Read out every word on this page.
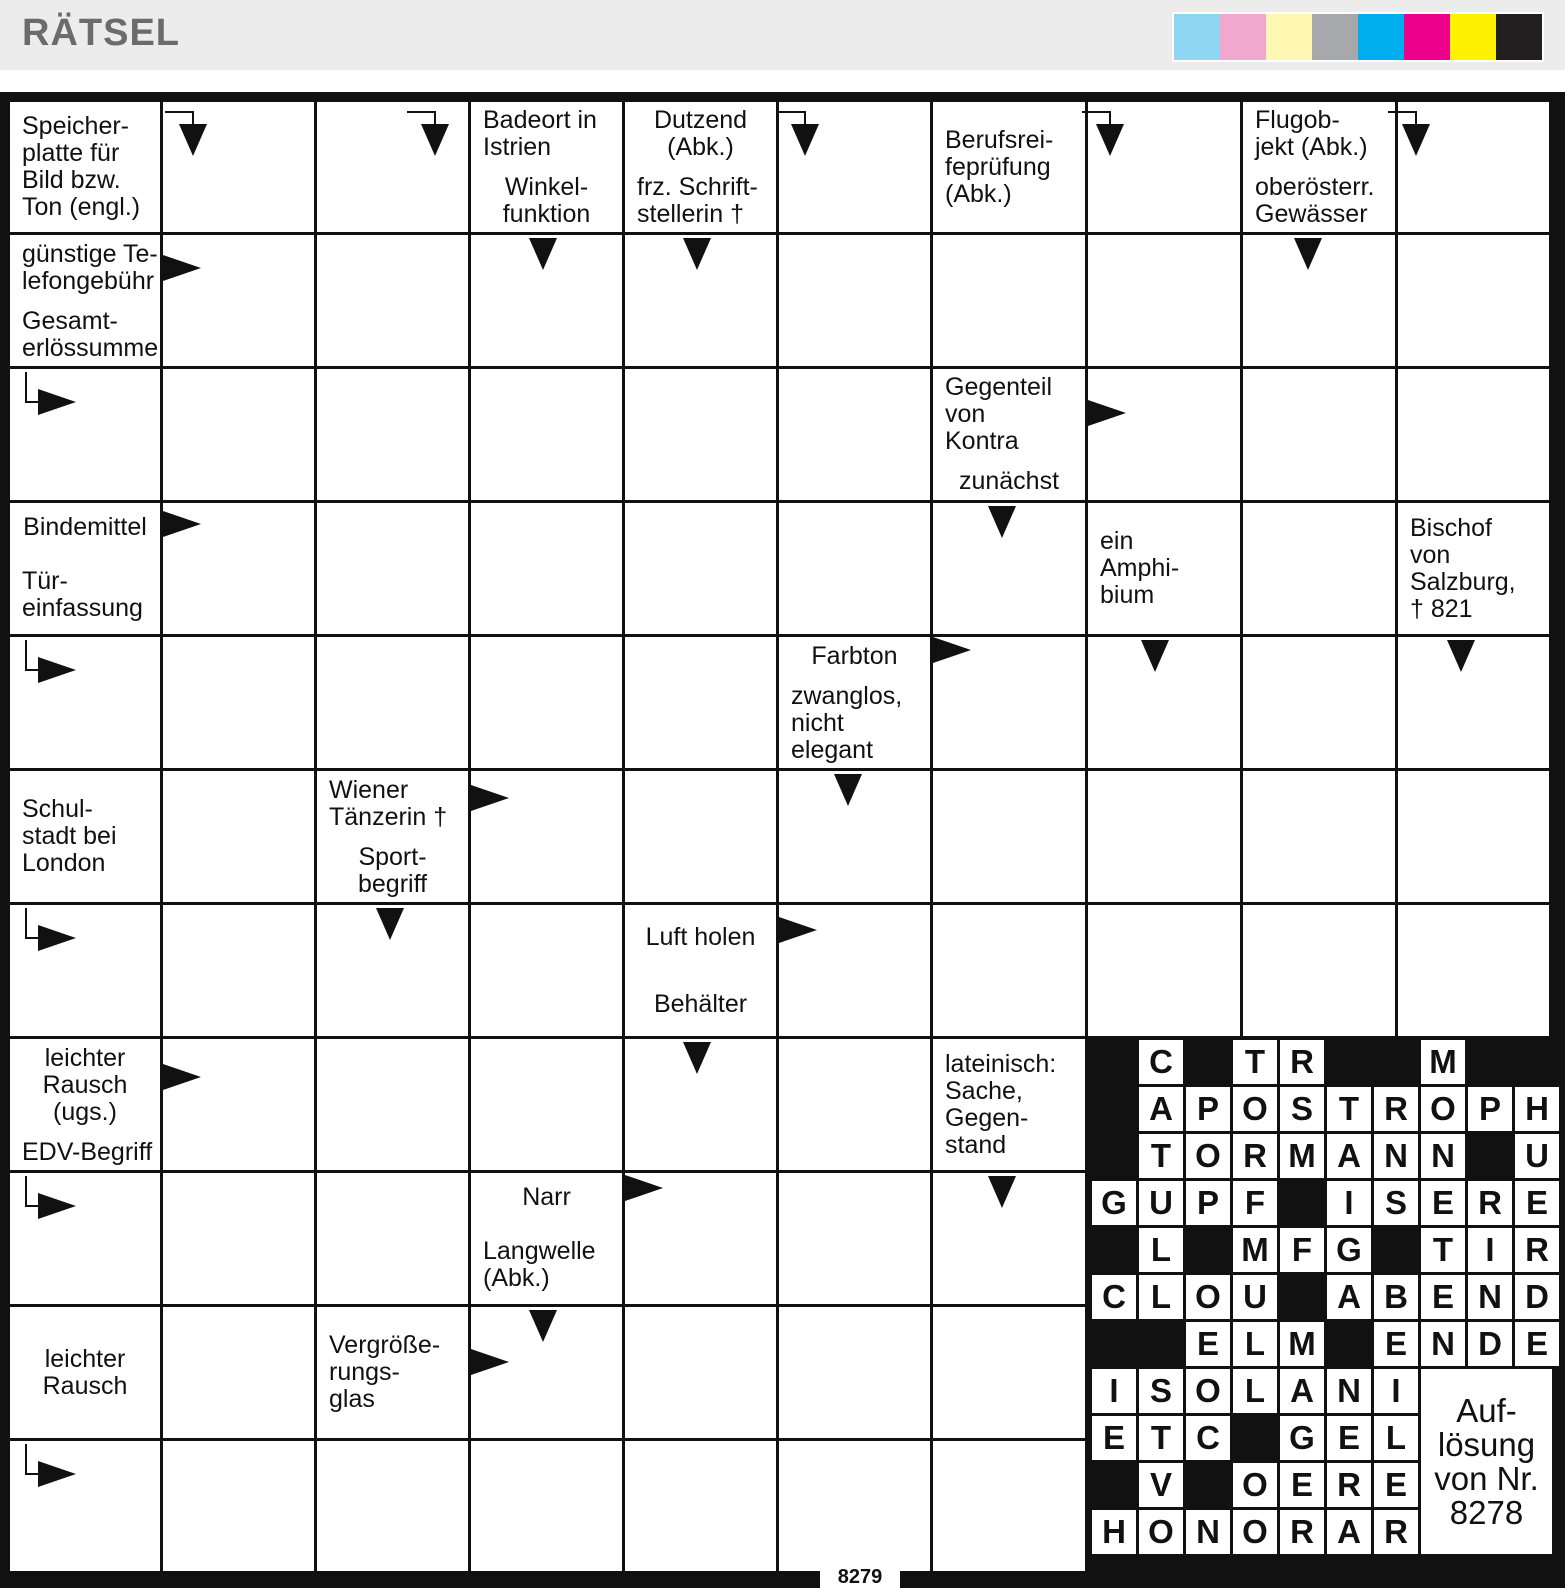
RÄTSEL
Speicher-
platte für
Bild bzw.
Ton (engl.)
Badeort in
Istrien
Winkel-
funktion
Dutzend
(Abk.)
frz. Schrift-
stellerin †
Berufsrei-
feprüfung
(Abk.)
Flugob-
jekt (Abk.)
oberösterr.
Gewässer
günstige Te-
lefongebühr
Gesamt-
erlössumme
Gegenteil
von
Kontra
zunächst
Bindemittel
Tür-
einfassung
ein
Amphi-
bium
Bischof
von
Salzburg,
† 821
Farbton
zwanglos,
nicht
elegant
Schul-
stadt bei
London
Wiener
Tänzerin †
Sport-
begriff
Luft holen
Behälter
leichter
Rausch
(ugs.)
EDV-Begriff
lateinisch:
Sache,
Gegen-
stand
Narr
Langwelle
(Abk.)
leichter
Rausch
Vergröße-
rungs-
glas
C	T R	M
A P O S T R O P H
T O R M A N N	U
G U P F	I S E R E
L	M F G	T I R
C L O U	A B E N D
E L M	E N D E
I S O L A N I
E T C	G E L
V	O E R E
H O N O R A R
Auf-
lösung
von Nr.
8278
8279
